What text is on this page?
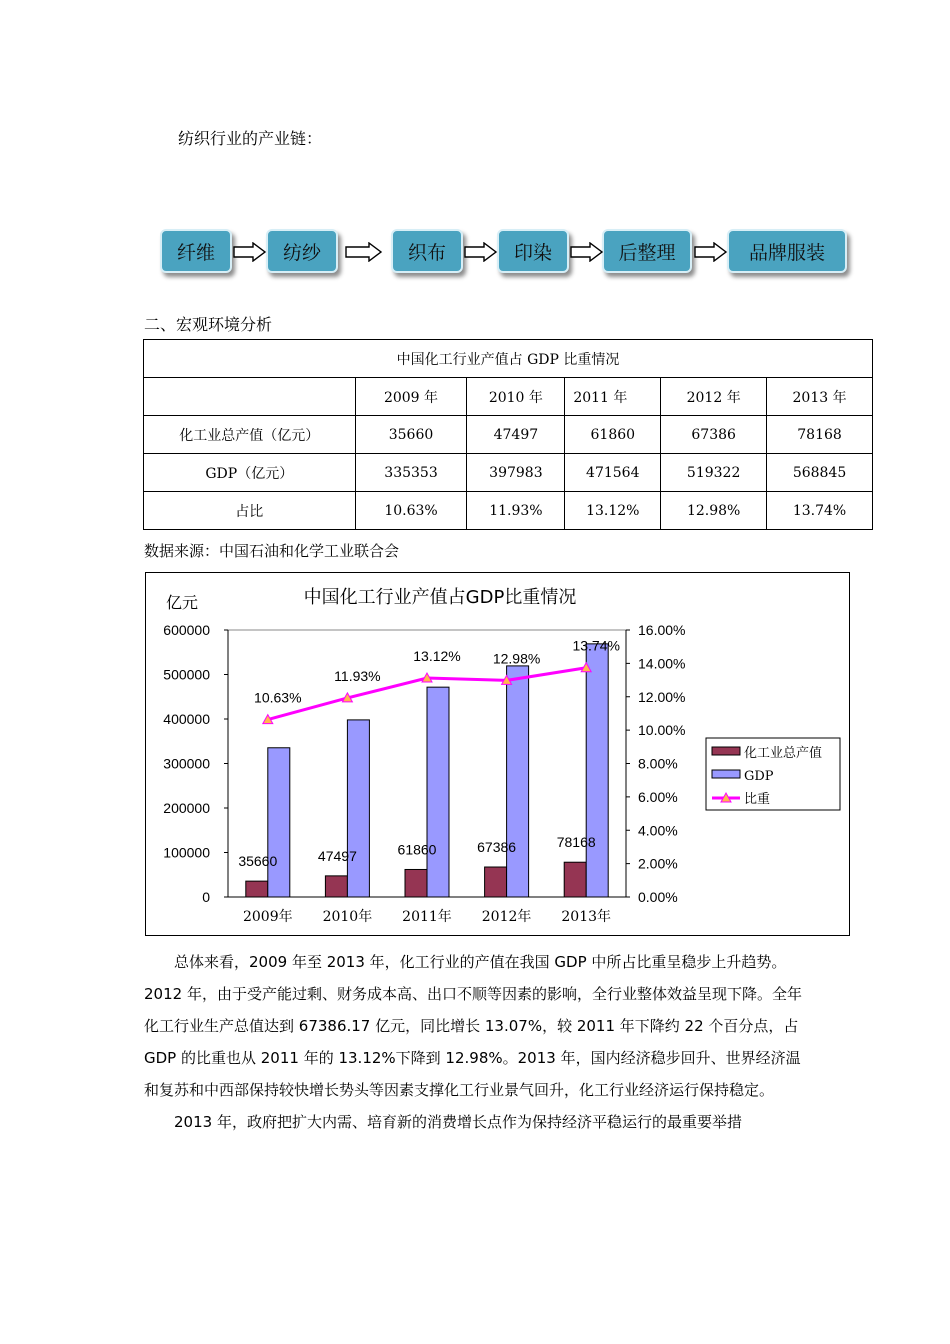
纺织行业的产业链：
纤维	纺纱	织布	印染	后整理	品牌服装
二、宏观环境分析
中国化工行业产值占 GDP 比重情况					
	2009 年	2010 年	2011 年	2012 年	2013 年
化工业总产值（亿元）	35660	47497	61860	67386	78168
GDP（亿元）	335353	397983	471564	519322	568845
占比	10.63%	11.93%	13.12%	12.98%	13.74%
数据来源：中国石油和化学工业联合会
中国化工行业产值占GDP比重情况
亿元
600000
500000
400000
300000
200000
100000
0
16.00%
14.00%
12.00%
10.00%
8.00%
6.00%
4.00%
2.00%
0.00%
2009年
35660
2010年
47497
2011年
61860
2012年
67386
2013年
78168
10.63%
11.93%
13.12% 12.98%
13.74%
化工业总产值
GDP
比重

总体来看，2009 年至 2013 年，化工行业的产值在我国 GDP 中所占比重呈稳步上升趋势。2012 年，由于受产能过剩、财务成本高、出口不顺等因素的影响，全行业整体效益呈现下降。全年化工行业生产总值达到 67386.17 亿元，同比增长 13.07%，较 2011 年下降约 22 个百分点，占 GDP 的比重也从 2011 年的 13.12%下降到 12.98%。2013 年，国内经济稳步回升、世界经济温和复苏和中西部保持较快增长势头等因素支撑化工行业景气回升，化工行业经济运行保持稳定。

2013 年，政府把扩大内需、培育新的消费增长点作为保持经济平稳运行的最重要举措
